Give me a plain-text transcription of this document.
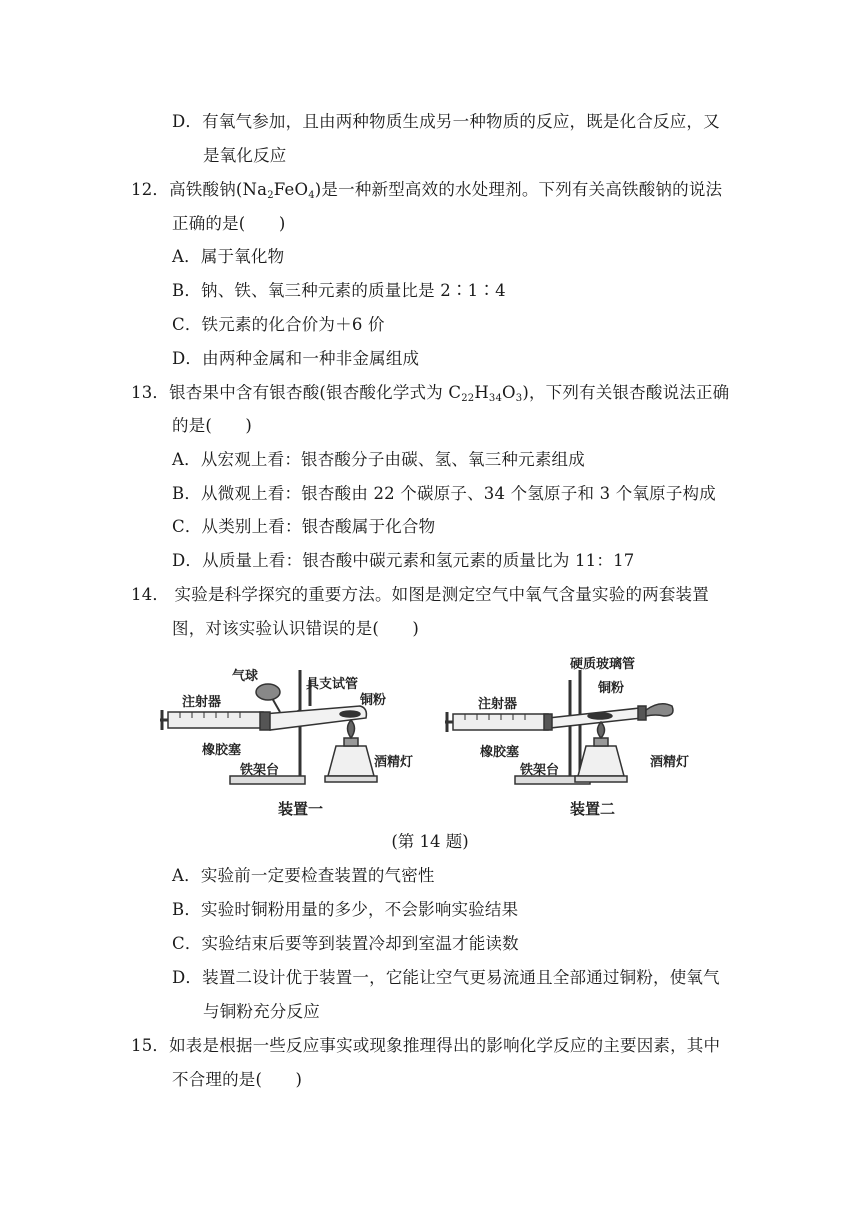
D．有氧气参加，且由两种物质生成另一种物质的反应，既是化合反应，又
是氧化反应
12．高铁酸钠$(Na_2FeO_4)$是一种新型高效的水处理剂。下列有关高铁酸钠的说法
正确的是(　　)
A．属于氧化物
B．钠、铁、氧三种元素的质量比是 2∶1∶4
C．铁元素的化合价为＋6 价
D．由两种金属和一种非金属组成
13．银杏果中含有银杏酸(银杏酸化学式为 $C_{22}H_{34}O_3$)，下列有关银杏酸说法正确
的是(　　)
A．从宏观上看：银杏酸分子由碳、氢、氧三种元素组成
B．从微观上看：银杏酸由 22 个碳原子、34 个氢原子和 3 个氧原子构成
C．从类别上看：银杏酸属于化合物
D．从质量上看：银杏酸中碳元素和氢元素的质量比为 11：17
14． 实验是科学探究的重要方法。如图是测定空气中氧气含量实验的两套装置
图，对该实验认识错误的是(　　)
气球
具支试管
铜粉
注射器
橡胶塞
铁架台
酒精灯
装置一
硬质玻璃管
铜粉
注射器
橡胶塞
铁架台
酒精灯
装置二
(第 14 题)
A．实验前一定要检查装置的气密性
B．实验时铜粉用量的多少，不会影响实验结果
C．实验结束后要等到装置冷却到室温才能读数
D．装置二设计优于装置一，它能让空气更易流通且全部通过铜粉，使氧气
与铜粉充分反应
15．如表是根据一些反应事实或现象推理得出的影响化学反应的主要因素，其中
不合理的是(　　)
